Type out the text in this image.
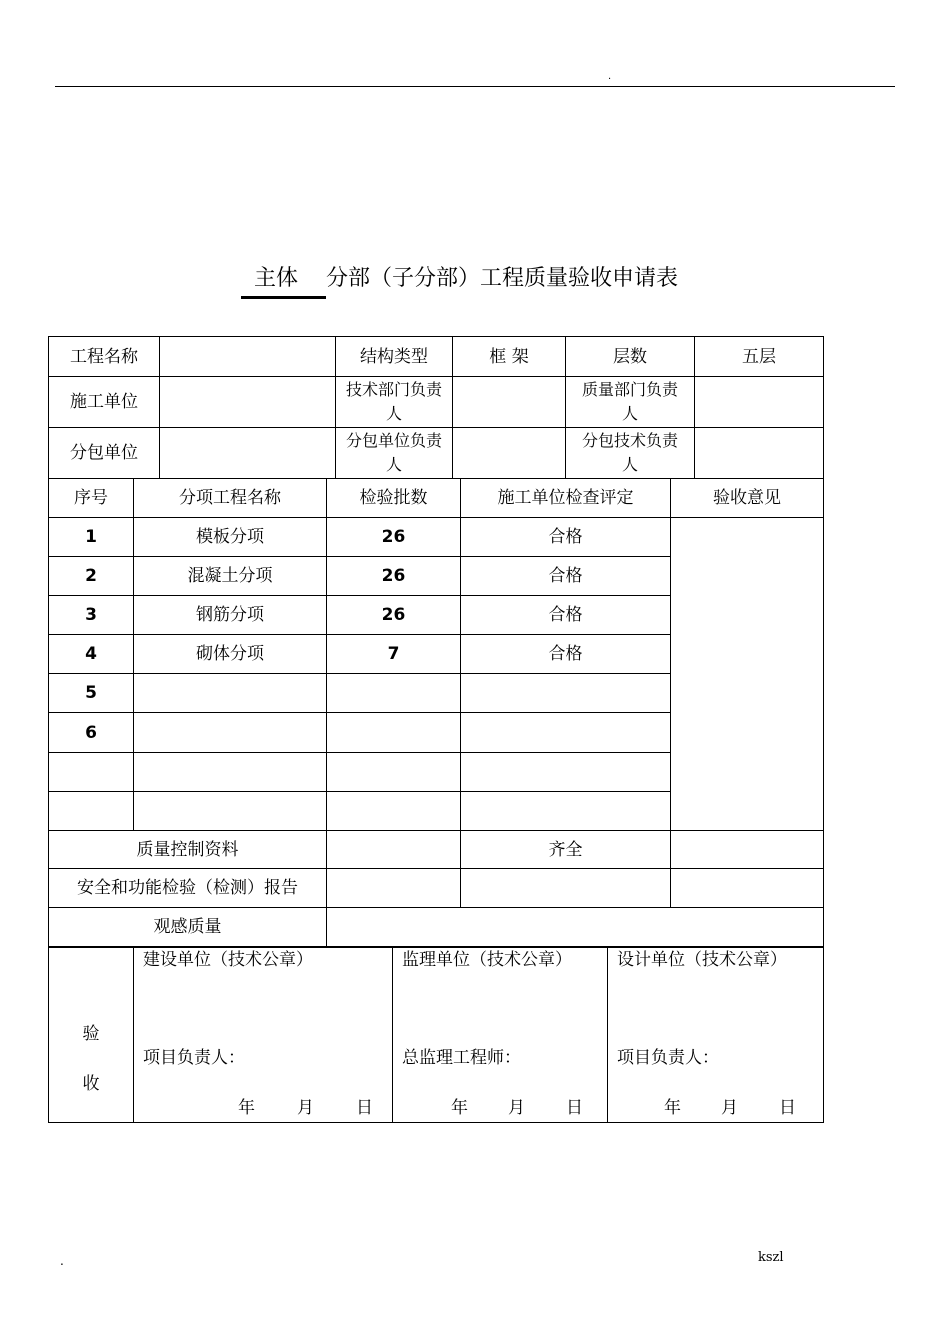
.
主体 分部（子分部）工程质量验收申请表
工程名称		结构类型	框 架	层数	五层
施工单位		技术部门负责人		质量部门负责人	
分包单位		分包单位负责人		分包技术负责人	
序号	分项工程名称	检验批数	施工单位检查评定	验收意见
1	模板分项	26	合格	
2	混凝土分项	26	合格	
3	钢筋分项	26	合格	
4	砌体分项	7	合格	
5				
6				

质量控制资料			齐全	
安全和功能检验（检测）报告				
观感质量				
验
收

建设单位（技术公章）
项目负责人：
年 月 日

监理单位（技术公章）
总监理工程师：
年 月 日

设计单位（技术公章）
项目负责人：
年 月 日
.	kszl
